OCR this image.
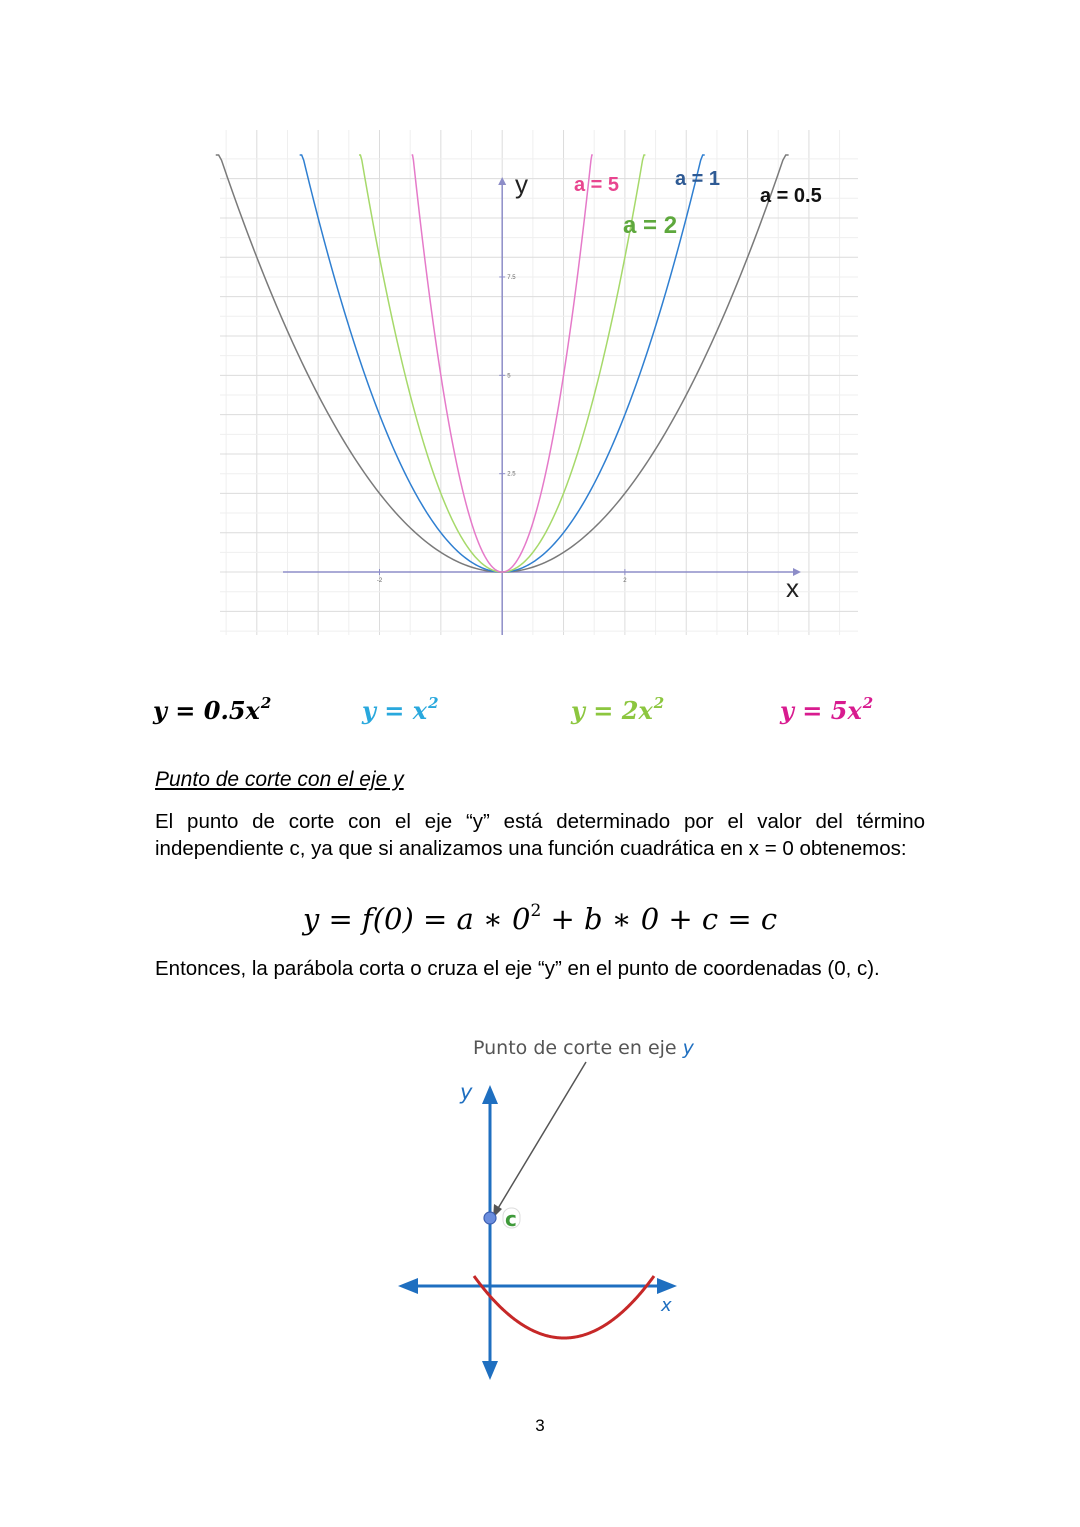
-2	2
2.5
5
7.5
a = 0.5
a = 1
a = 2
a = 5
y
x
$y = 0.5x^2$	$y = x^2$	$y = 2x^2$	$y = 5x^2$
Punto de corte con el eje y
El punto de corte con el eje “y” está determinado por el valor del término independiente c, ya que si analizamos una función cuadrática en x = 0 obtenemos:
y = f(0) = a ∗ $0^2 + b$ ∗ 0 + c = c
Entonces, la parábola corta o cruza el eje “y” en el punto de coordenadas (0, c).
y
x
Punto de corte en eje y
c
3
